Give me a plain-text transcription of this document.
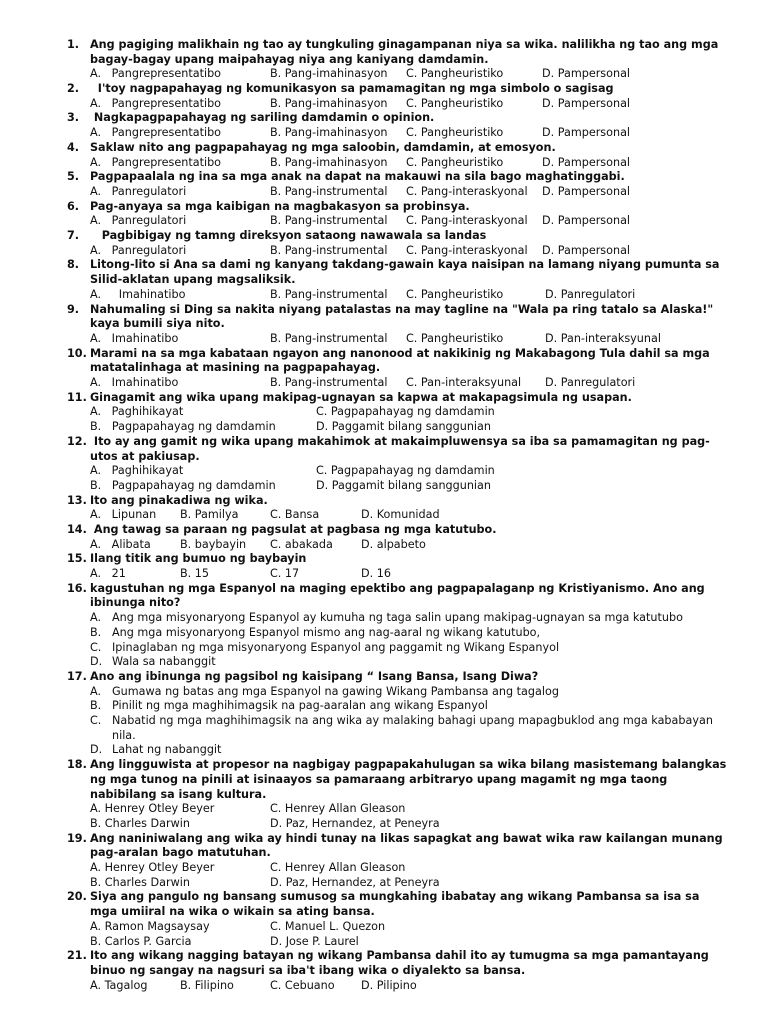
1. Ang pagiging malikhain ng tao ay tungkuling ginagampanan niya sa wika. nalilikha ng tao ang mga bagay-bagay upang maipahayag niya ang kaniyang damdamin.
A.   Pangrepresentatibo	B. Pang-imahinasyon C. Pangheuristiko	D. Pampersonal
2. I'toy nagpapahayag ng komunikasyon sa pamamagitan ng mga simbolo o sagisag
A.   Pangrepresentatibo	B. Pang-imahinasyon C. Pangheuristiko	D. Pampersonal
3. Nagkapagpapahayag ng sariling damdamin o opinion.
A.   Pangrepresentatibo	B. Pang-imahinasyon C. Pangheuristiko	D. Pampersonal
4. Saklaw nito ang pagpapahayag ng mga saloobin, damdamin, at emosyon.
A.   Pangrepresentatibo	B. Pang-imahinasyon C. Pangheuristiko	D. Pampersonal
5. Pagpapaalala ng ina sa mga anak na dapat na makauwi na sila bago maghatinggabi.
A.   Panregulatori	B. Pang-instrumental C. Pang-interaskyonal D. Pampersonal
6. Pag-anyaya sa mga kaibigan na magbakasyon sa probinsya.
A.   Panregulatori	B. Pang-instrumental C. Pang-interaskyonal D. Pampersonal
7. Pagbibigay ng tamng direksyon sataong nawawala sa landas
A.   Panregulatori	B. Pang-instrumental C. Pang-interaskyonal D. Pampersonal
8. Litong-lito si Ana sa dami ng kanyang takdang-gawain kaya naisipan na lamang niyang pumunta sa Silid-aklatan upang magsaliksik.
A.     Imahinatibo	B. Pang-instrumental C. Pangheuristiko	D. Panregulatori
9. Nahumaling si Ding sa nakita niyang patalastas na may tagline na "Wala pa ring tatalo sa Alaska!" kaya bumili siya nito.
A.   Imahinatibo	B. Pang-instrumental C. Pangheuristiko	D. Pan-interaksyunal
10. Marami na sa mga kabataan ngayon ang nanonood at nakikinig ng Makabagong Tula dahil sa mga matatalinhaga at masining na pagpapahayag.
A.   Imahinatibo	B. Pang-instrumental C. Pan-interaksyunal D. Panregulatori
11. Ginagamit ang wika upang makipag-ugnayan sa kapwa at makapagsimula ng usapan.
A.   Paghihikayat	C. Pagpapahayag ng damdamin
B.   Pagpapahayag ng damdamin	D. Paggamit bilang sanggunian
12. Ito ay ang gamit ng wika upang makahimok at makaimpluwensya sa iba sa pamamagitan ng pag-utos at pakiusap.
A.   Paghihikayat	C. Pagpapahayag ng damdamin
B.   Pagpapahayag ng damdamin	D. Paggamit bilang sanggunian
13. Ito ang pinakadiwa ng wika.
A.   Lipunan B. Pamilya	C. Bansa	D. Komunidad
14. Ang tawag sa paraan ng pagsulat at pagbasa ng mga katutubo.
A.   Alibata	B. baybayin C. abakada	D. alpabeto
15. Ilang titik ang bumuo ng baybayin
A.   21	B. 15	C. 17	D. 16
16. kagustuhan ng mga Espanyol na maging epektibo ang pagpapalaganp ng Kristiyanismo. Ano ang ibinunga nito?
A. Ang mga misyonaryong Espanyol ay kumuha ng taga salin upang makipag-ugnayan sa mga katutubo
B. Ang mga misyonaryong Espanyol mismo ang nag-aaral ng wikang katutubo,
C. Ipinaglaban ng mga misyonaryong Espanyol ang paggamit ng Wikang Espanyol
D. Wala sa nabanggit
17. Ano ang ibinunga ng pagsibol ng kaisipang “ Isang Bansa, Isang Diwa?
A. Gumawa ng batas ang mga Espanyol na gawing Wikang Pambansa ang tagalog
B. Pinilit ng mga maghihimagsik na pag-aaralan ang wikang Espanyol
C. Nabatid ng mga maghihimagsik na ang wika ay malaking bahagi upang mapagbuklod ang mga kababayan nila.
D. Lahat ng nabanggit
18. Ang lingguwista at propesor na nagbigay pagpapakahulugan sa wika bilang masistemang balangkas ng mga tunog na pinili at isinaayos sa pamaraang arbitraryo upang magamit ng mga taong nabibilang sa isang kultura.
A. Henrey Otley Beyer	C. Henrey Allan Gleason
B. Charles Darwin	D. Paz, Hernandez, at Peneyra
19. Ang naniniwalang ang wika ay hindi tunay na likas sapagkat ang bawat wika raw kailangan munang pag-aralan bago matutuhan.
A. Henrey Otley Beyer	C. Henrey Allan Gleason
B. Charles Darwin	D. Paz, Hernandez, at Peneyra
20. Siya ang pangulo ng bansang sumusog sa mungkahing ibabatay ang wikang Pambansa sa isa sa mga umiiral na wika o wikain sa ating bansa.
A. Ramon Magsaysay	C. Manuel L. Quezon
B. Carlos P. Garcia	D. Jose P. Laurel
21. Ito ang wikang nagging batayan ng wikang Pambansa dahil ito ay tumugma sa mga pamantayang binuo ng sangay na nagsuri sa iba't ibang wika o diyalekto sa bansa.
A. Tagalog	B. Filipino	C. Cebuano D. Pilipino
